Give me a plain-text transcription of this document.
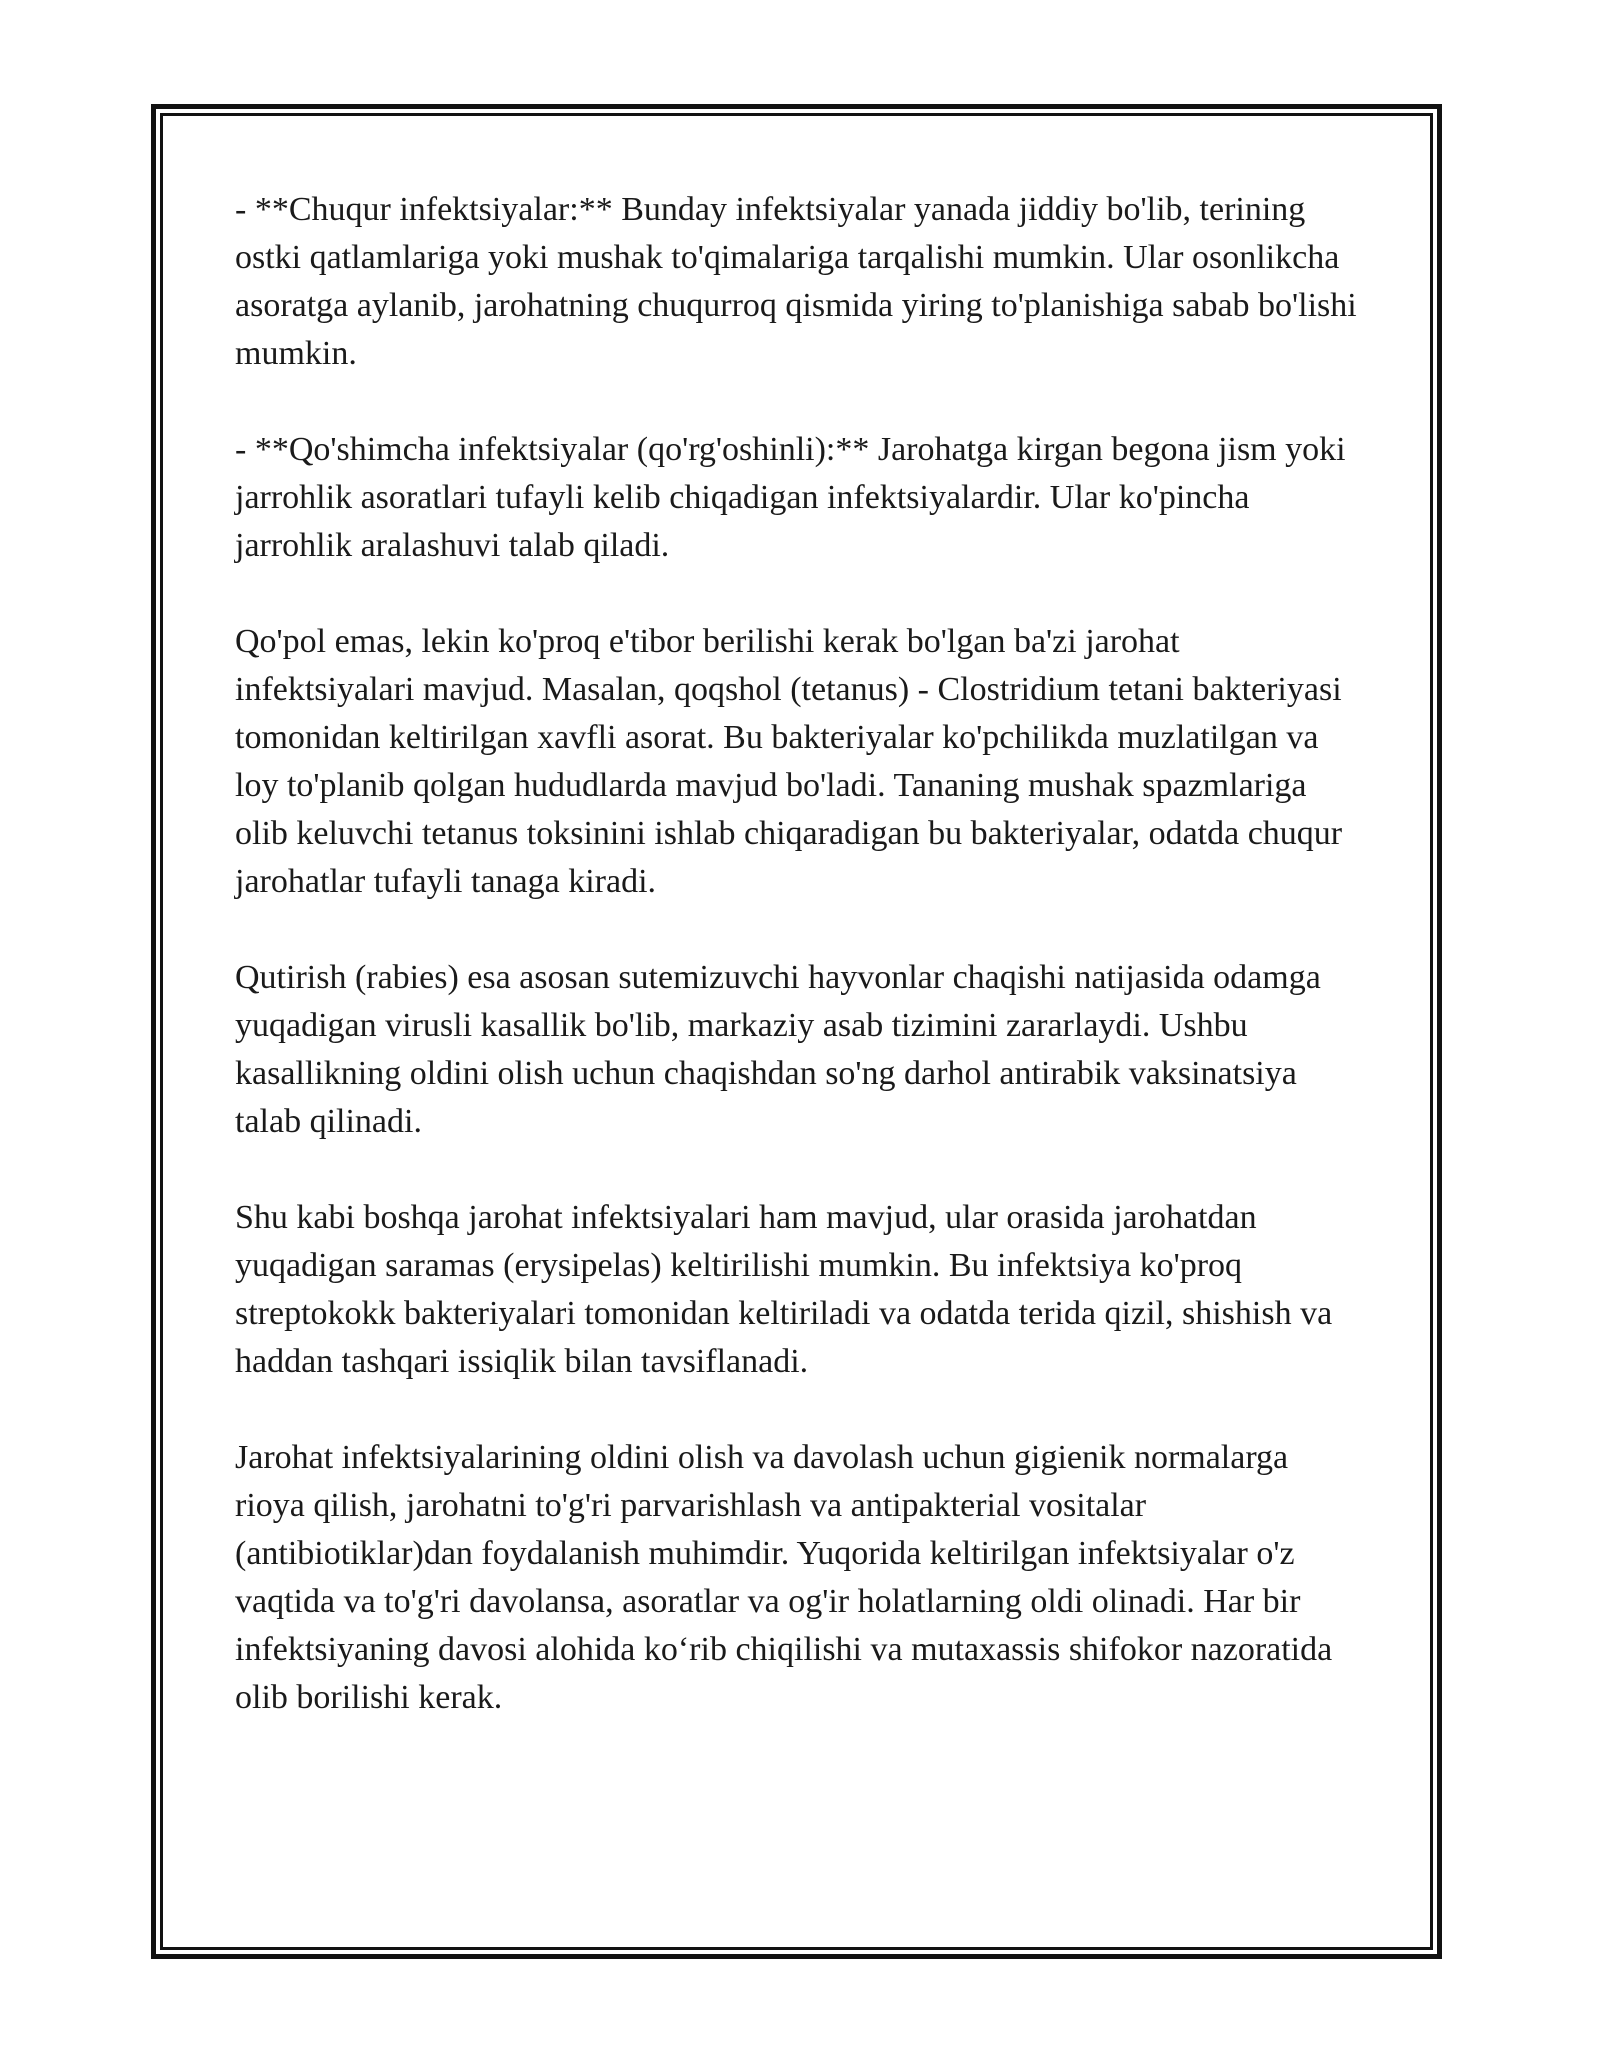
- **Chuqur infektsiyalar:** Bunday infektsiyalar yanada jiddiy bo'lib, terining ostki qatlamlariga yoki mushak to'qimalariga tarqalishi mumkin. Ular osonlikcha asoratga aylanib, jarohatning chuqurroq qismida yiring to'planishiga sabab bo'lishi mumkin.

- **Qo'shimcha infektsiyalar (qo'rg'oshinli):** Jarohatga kirgan begona jism yoki jarrohlik asoratlari tufayli kelib chiqadigan infektsiyalardir. Ular ko'pincha jarrohlik aralashuvi talab qiladi.

Qo'pol emas, lekin ko'proq e'tibor berilishi kerak bo'lgan ba'zi jarohat infektsiyalari mavjud. Masalan, qoqshol (tetanus) - Clostridium tetani bakteriyasi tomonidan keltirilgan xavfli asorat. Bu bakteriyalar ko'pchilikda muzlatilgan va loy to'planib qolgan hududlarda mavjud bo'ladi. Tananing mushak spazmlariga olib keluvchi tetanus toksinini ishlab chiqaradigan bu bakteriyalar, odatda chuqur jarohatlar tufayli tanaga kiradi.

Qutirish (rabies) esa asosan sutemizuvchi hayvonlar chaqishi natijasida odamga yuqadigan virusli kasallik bo'lib, markaziy asab tizimini zararlaydi. Ushbu kasallikning oldini olish uchun chaqishdan so'ng darhol antirabik vaksinatsiya talab qilinadi.

Shu kabi boshqa jarohat infektsiyalari ham mavjud, ular orasida jarohatdan yuqadigan saramas (erysipelas) keltirilishi mumkin. Bu infektsiya ko'proq streptokokk bakteriyalari tomonidan keltiriladi va odatda terida qizil, shishish va haddan tashqari issiqlik bilan tavsiflanadi.

Jarohat infektsiyalarining oldini olish va davolash uchun gigienik normalarga rioya qilish, jarohatni to'g'ri parvarishlash va antipakterial vositalar (antibiotiklar)dan foydalanish muhimdir. Yuqorida keltirilgan infektsiyalar o'z vaqtida va to'g'ri davolansa, asoratlar va og'ir holatlarning oldi olinadi. Har bir infektsiyaning davosi alohida ko‘rib chiqilishi va mutaxassis shifokor nazoratida olib borilishi kerak.
